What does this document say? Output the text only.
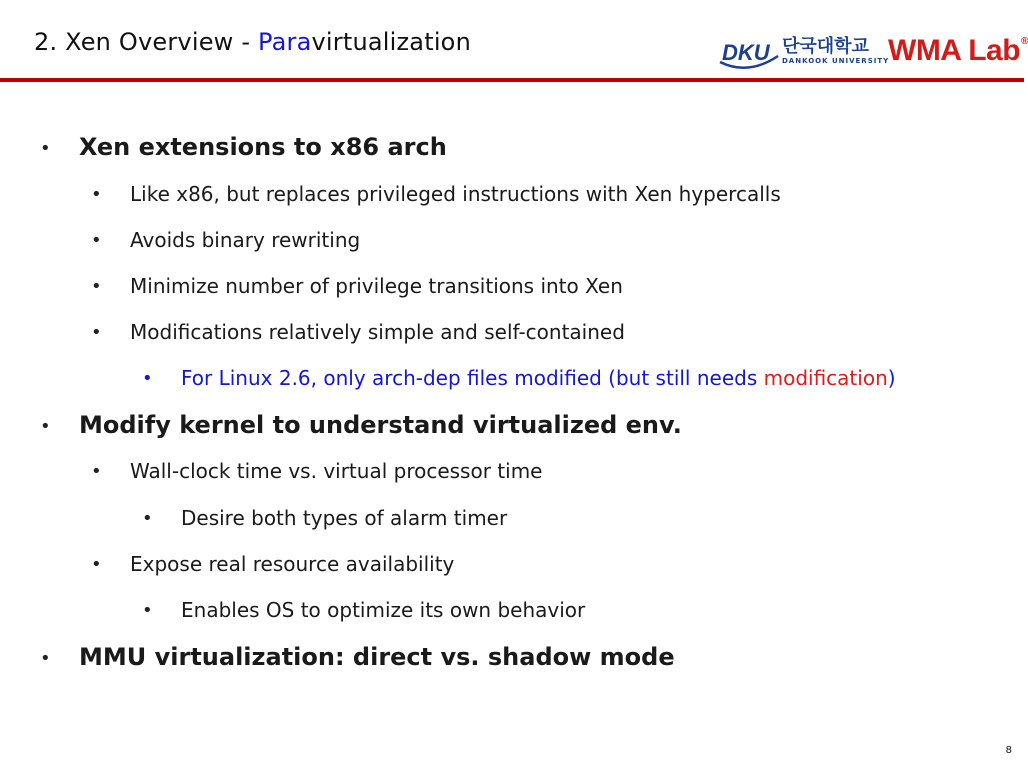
2. Xen Overview - Paravirtualization	DKU 단국대학교
DANKOOK UNIVERSITY
WMA Lab®
• Xen extensions to x86 arch
• Like x86, but replaces privileged instructions with Xen hypercalls
• Avoids binary rewriting
• Minimize number of privilege transitions into Xen
• Modifications relatively simple and self-contained
• For Linux 2.6, only arch-dep files modified (but still needs modification)
• Modify kernel to understand virtualized env.
• Wall-clock time vs. virtual processor time
• Desire both types of alarm timer
• Expose real resource availability
• Enables OS to optimize its own behavior
• MMU virtualization: direct vs. shadow mode
8
